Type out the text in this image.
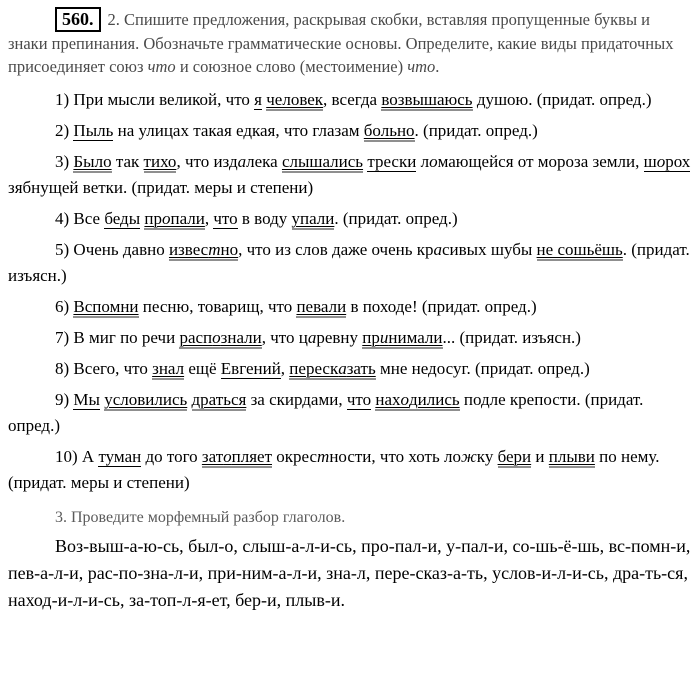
560. 2. Спишите предложения, раскрывая скобки, вставляя пропущенные буквы и знаки препинания. Обозначьте грамматические основы. Определите, какие виды придаточных присоединяет союз что и союзное слово (местоимение) что.

1) При мысли великой, что я человек, всегда возвышаюсь душою. (придат. опред.)

2) Пыль на улицах такая едкая, что глазам больно. (придат. опред.)

3) Было так тихо, что издалека слышались трески ломающейся от мороза земли, шорох зябнущей ветки. (придат. меры и степени)

4) Все беды пропали, что в воду упали. (придат. опред.)

5) Очень давно известно, что из слов даже очень красивых шубы не сошьёшь. (придат. изъясн.)

6) Вспомни песню, товарищ, что певали в походе! (придат. опред.)

7) В миг по речи распознали, что царевну принимали... (придат. изъясн.)

8) Всего, что знал ещё Евгений, пересказать мне недосуг. (придат. опред.)

9) Мы условились драться за скирдами, что находились подле крепости. (придат. опред.)

10) А туман до того затопляет окрестности, что хоть ложку бери и плыви по нему. (придат. меры и степени)

3. Проведите морфемный разбор глаголов.

Воз-выш-а-ю-сь, был-о, слыш-а-л-и-сь, про-пал-и, у-пал-и, со-шь-ё-шь, вс-помн-и, пев-а-л-и, рас-по-зна-л-и, при-ним-а-л-и, зна-л, пере-сказ-а-ть, услов-и-л-и-сь, дра-ть-ся, наход-и-л-и-сь, за-топ-л-я-ет, бер-и, плыв-и.
